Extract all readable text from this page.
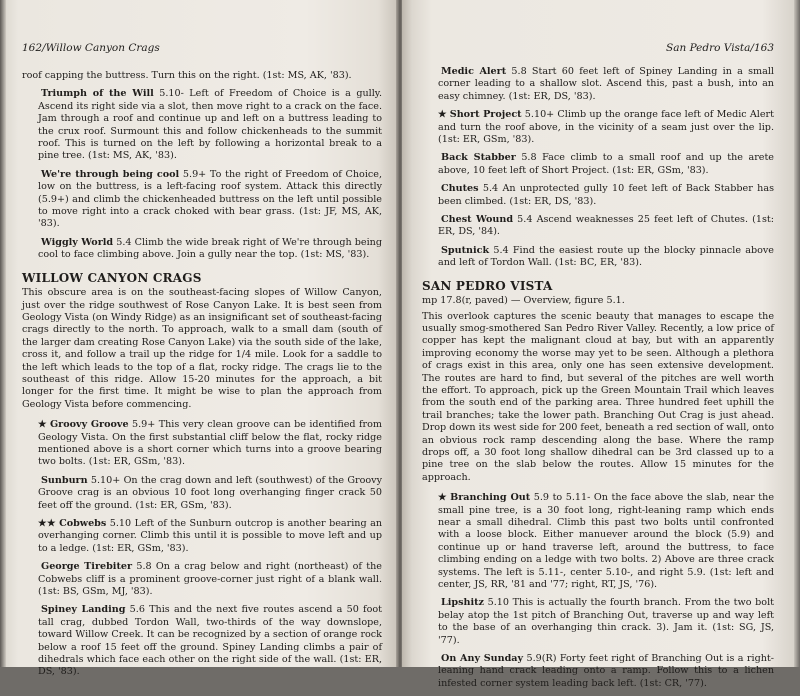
162/Willow Canyon Crags

roof capping the buttress. Turn this on the right. (1st: MS, AK, '83).

Triumph of the Will 5.10- Left of Freedom of Choice is a gully. Ascend its right side via a slot, then move right to a crack on the face. Jam through a roof and continue up and left on a buttress leading to the crux roof. Surmount this and follow chickenheads to the summit roof. This is turned on the left by following a horizontal break to a pine tree. (1st: MS, AK, '83).

We're through being cool 5.9+ To the right of Freedom of Choice, low on the buttress, is a left-facing roof system. Attack this directly (5.9+) and climb the chickenheaded buttress on the left until possible to move right into a crack choked with bear grass. (1st: JF, MS, AK, '83).

Wiggly World 5.4 Climb the wide break right of We're through being cool to face climbing above. Join a gully near the top. (1st: MS, '83).

WILLOW CANYON CRAGS

This obscure area is on the southeast-facing slopes of Willow Canyon, just over the ridge southwest of Rose Canyon Lake. It is best seen from Geology Vista (on Windy Ridge) as an insignificant set of southeast-facing crags directly to the north. To approach, walk to a small dam (south of the larger dam creating Rose Canyon Lake) via the south side of the lake, cross it, and follow a trail up the ridge for 1/4 mile. Look for a saddle to the left which leads to the top of a flat, rocky ridge. The crags lie to the southeast of this ridge. Allow 15-20 minutes for the approach, a bit longer for the first time. It might be wise to plan the approach from Geology Vista before commencing.

★ Groovy Groove 5.9+ This very clean groove can be identified from Geology Vista. On the first substantial cliff below the flat, rocky ridge mentioned above is a short corner which turns into a groove bearing two bolts. (1st: ER, GSm, '83).

Sunburn 5.10+ On the crag down and left (southwest) of the Groovy Groove crag is an obvious 10 foot long overhanging finger crack 50 feet off the ground. (1st: ER, GSm, '83).

★★ Cobwebs 5.10 Left of the Sunburn outcrop is another bearing an overhanging corner. Climb this until it is possible to move left and up to a ledge. (1st: ER, GSm, '83).

George Tirebiter 5.8 On a crag below and right (northeast) of the Cobwebs cliff is a prominent groove-corner just right of a blank wall. (1st: BS, GSm, MJ, '83).

Spiney Landing 5.6 This and the next five routes ascend a 50 foot tall crag, dubbed Tordon Wall, two-thirds of the way downslope, toward Willow Creek. It can be recognized by a section of orange rock below a roof 15 feet off the ground. Spiney Landing climbs a pair of dihedrals which face each other on the right side of the wall. (1st: ER, DS, '83).

San Pedro Vista/163

Medic Alert 5.8 Start 60 feet left of Spiney Landing in a small corner leading to a shallow slot. Ascend this, past a bush, into an easy chimney. (1st: ER, DS, '83).

★ Short Project 5.10+ Climb up the orange face left of Medic Alert and turn the roof above, in the vicinity of a seam just over the lip. (1st: ER, GSm, '83).

Back Stabber 5.8 Face climb to a small roof and up the arete above, 10 feet left of Short Project. (1st: ER, GSm, '83).

Chutes 5.4 An unprotected gully 10 feet left of Back Stabber has been climbed. (1st: ER, DS, '83).

Chest Wound 5.4 Ascend weaknesses 25 feet left of Chutes. (1st: ER, DS, '84).

Sputnick 5.4 Find the easiest route up the blocky pinnacle above and left of Tordon Wall. (1st: BC, ER, '83).

SAN PEDRO VISTA

mp 17.8(r, paved) — Overview, figure 5.1.

This overlook captures the scenic beauty that manages to escape the usually smog-smothered San Pedro River Valley. Recently, a low price of copper has kept the malignant cloud at bay, but with an apparently improving economy the worse may yet to be seen. Although a plethora of crags exist in this area, only one has seen extensive development. The routes are hard to find, but several of the pitches are well worth the effort. To approach, pick up the Green Mountain Trail which leaves from the south end of the parking area. Three hundred feet uphill the trail branches; take the lower path. Branching Out Crag is just ahead. Drop down its west side for 200 feet, beneath a red section of wall, onto an obvious rock ramp descending along the base. Where the ramp drops off, a 30 foot long shallow dihedral can be 3rd classed up to a pine tree on the slab below the routes. Allow 15 minutes for the approach.

★ Branching Out 5.9 to 5.11- On the face above the slab, near the small pine tree, is a 30 foot long, right-leaning ramp which ends near a small dihedral. Climb this past two bolts until confronted with a loose block. Either manuever around the block (5.9) and continue up or hand traverse left, around the buttress, to face climbing ending on a ledge with two bolts. 2) Above are three crack systems. The left is 5.11-, center 5.10-, and right 5.9. (1st: left and center, JS, RR, '81 and '77; right, RT, JS, '76).

Lipshitz 5.10 This is actually the fourth branch. From the two bolt belay atop the 1st pitch of Branching Out, traverse up and way left to the base of an overhanging thin crack. 3). Jam it. (1st: SG, JS, '77).

On Any Sunday 5.9(R) Forty feet right of Branching Out is a right-leaning hand crack leading onto a ramp. Follow this to a lichen infested corner system leading back left. (1st: CR, '77).
